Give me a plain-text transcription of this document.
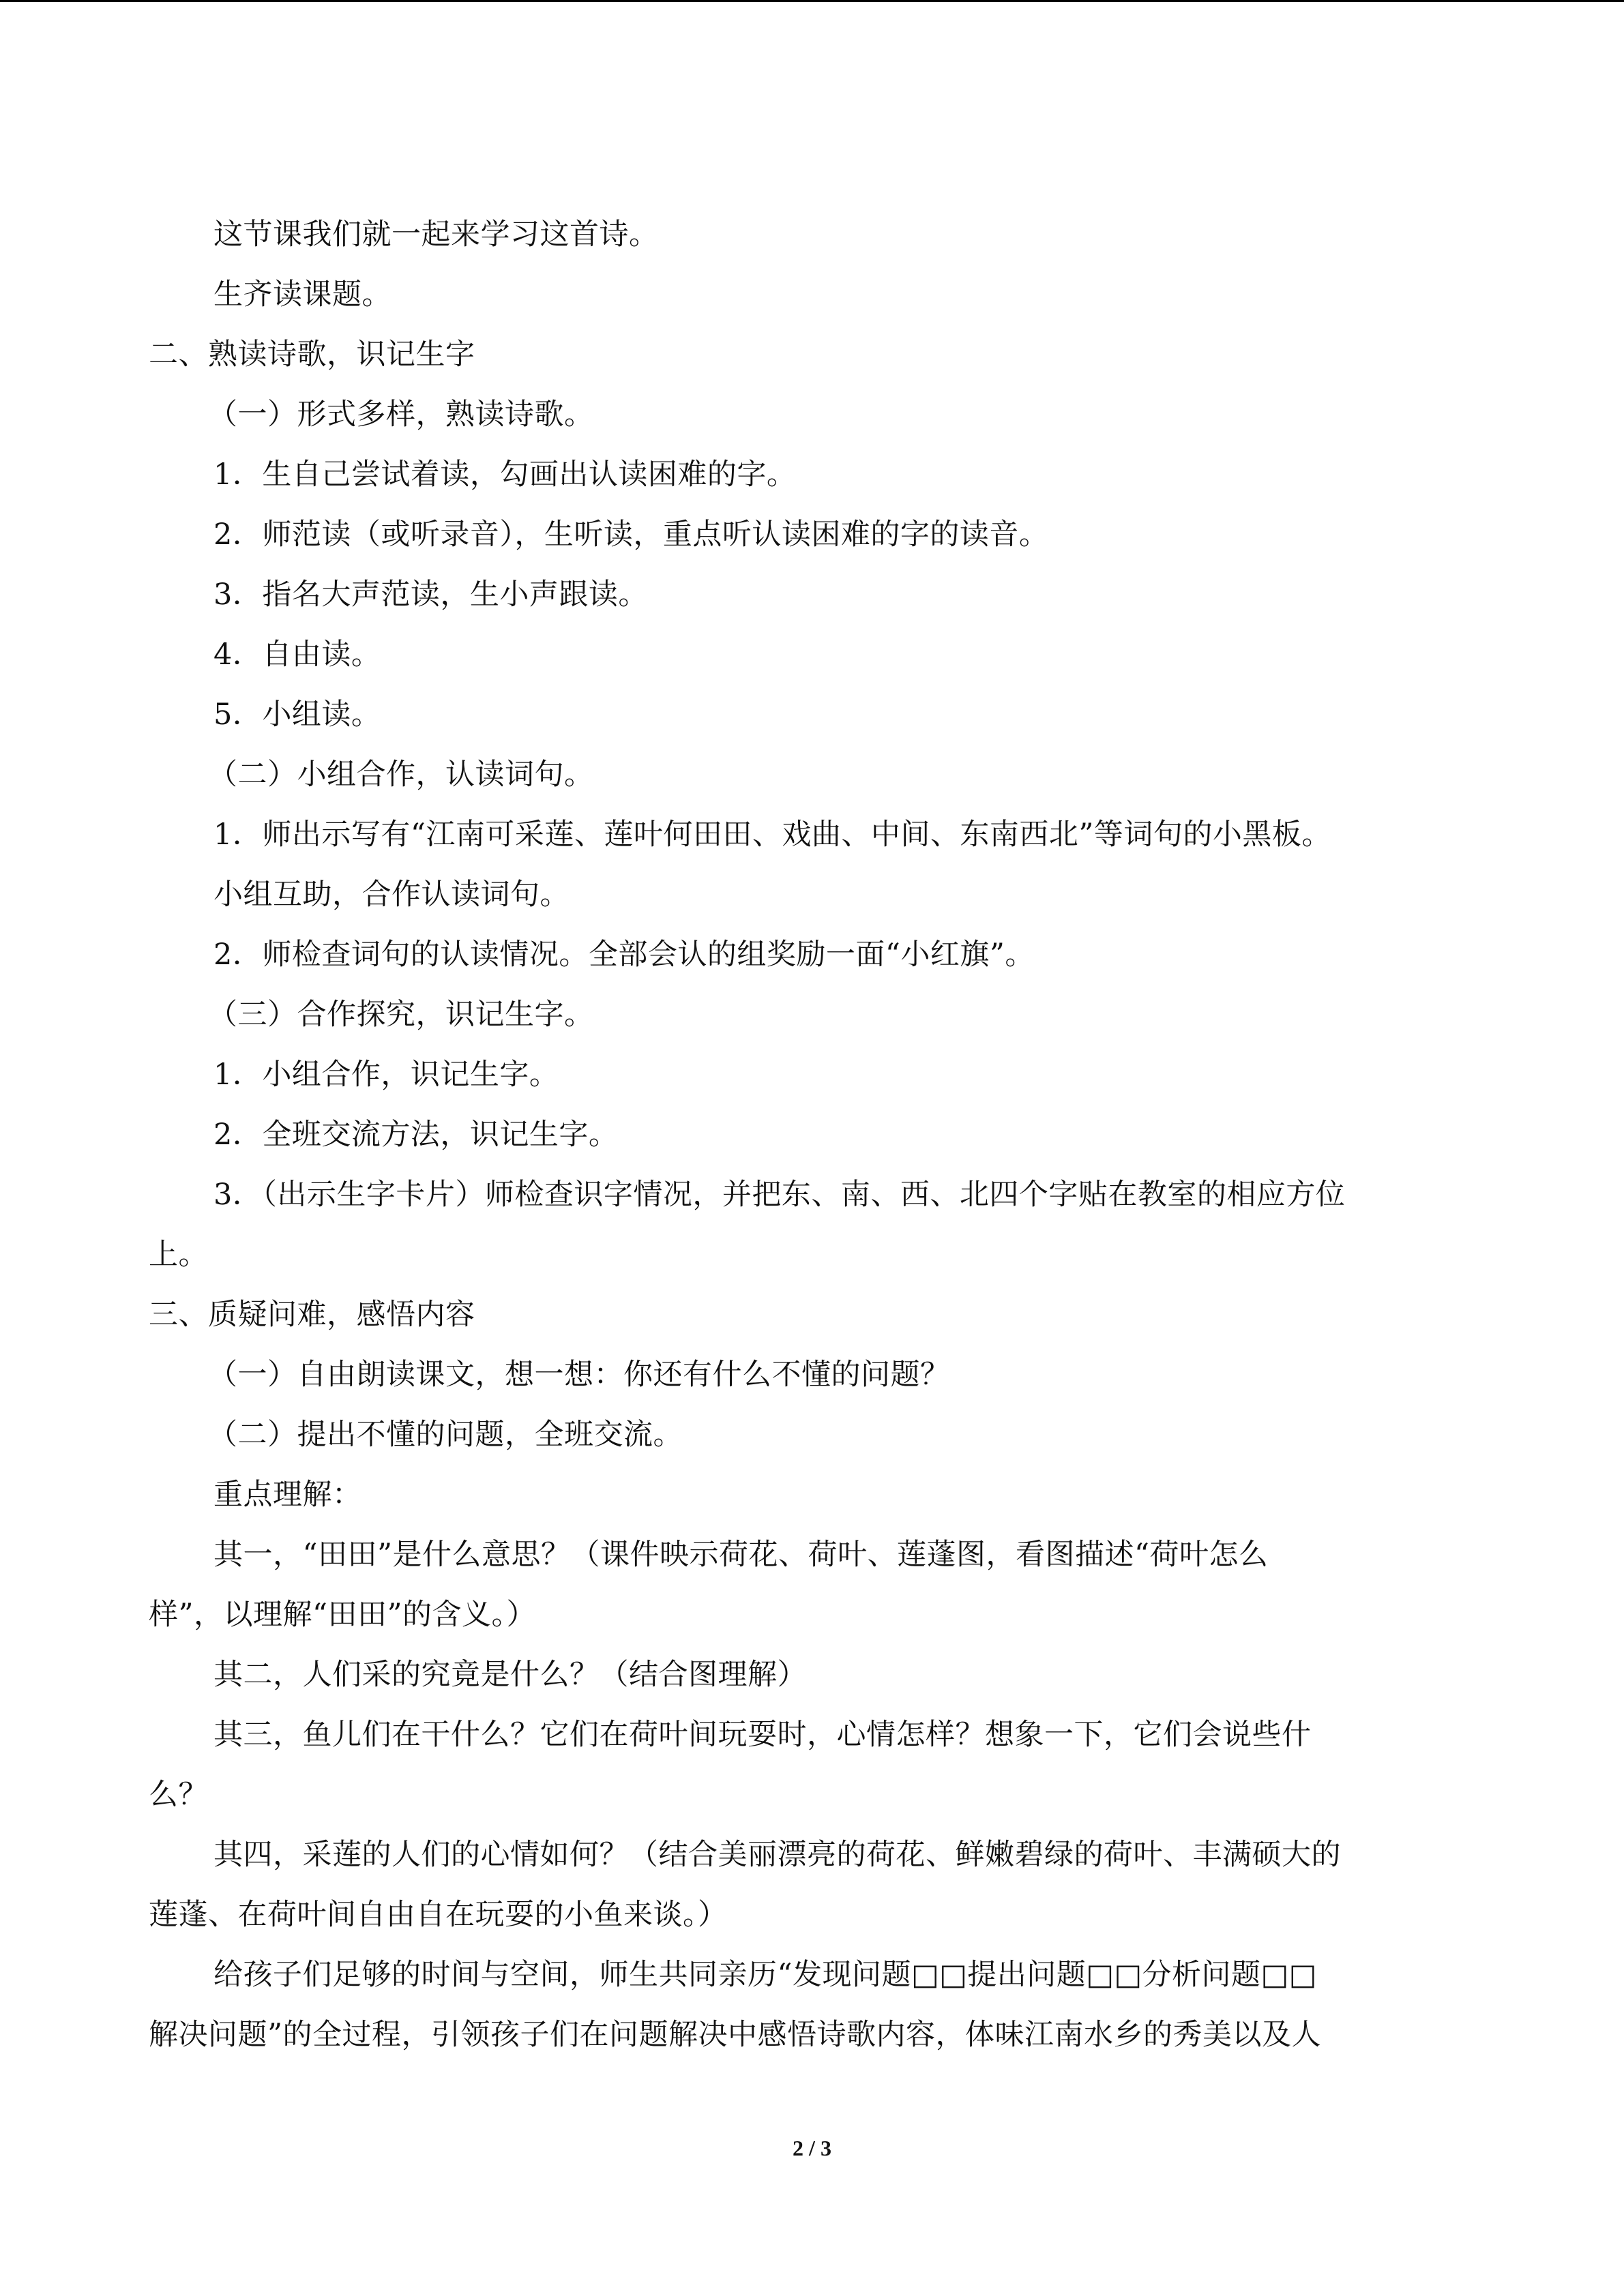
这节课我们就一起来学习这首诗。
生齐读课题。
二、熟读诗歌，识记生字
（一）形式多样，熟读诗歌。
1．生自己尝试着读，勾画出认读困难的字。
2．师范读（或听录音），生听读，重点听认读困难的字的读音。
3．指名大声范读，生小声跟读。
4．自由读。
5．小组读。
（二）小组合作，认读词句。
1．师出示写有“江南可采莲、莲叶何田田、戏曲、中间、东南西北”等词句的小黑板。
小组互助，合作认读词句。
2．师检查词句的认读情况。全部会认的组奖励一面“小红旗”。
（三）合作探究，识记生字。
1．小组合作，识记生字。
2．全班交流方法，识记生字。
3．（出示生字卡片）师检查识字情况，并把东、南、西、北四个字贴在教室的相应方位
上。
三、质疑问难，感悟内容
（一）自由朗读课文，想一想：你还有什么不懂的问题？
（二）提出不懂的问题，全班交流。
重点理解：
其一，“田田”是什么意思？（课件映示荷花、荷叶、莲蓬图，看图描述“荷叶怎么
样”，以理解“田田”的含义。）
其二，人们采的究竟是什么？（结合图理解）
其三，鱼儿们在干什么？它们在荷叶间玩耍时，心情怎样？想象一下，它们会说些什
么？
其四，采莲的人们的心情如何？（结合美丽漂亮的荷花、鲜嫩碧绿的荷叶、丰满硕大的
莲蓬、在荷叶间自由自在玩耍的小鱼来谈。）
给孩子们足够的时间与空间，师生共同亲历“发现问题□□提出问题□□分析问题□□
解决问题”的全过程，引领孩子们在问题解决中感悟诗歌内容，体味江南水乡的秀美以及人
2 / 3
